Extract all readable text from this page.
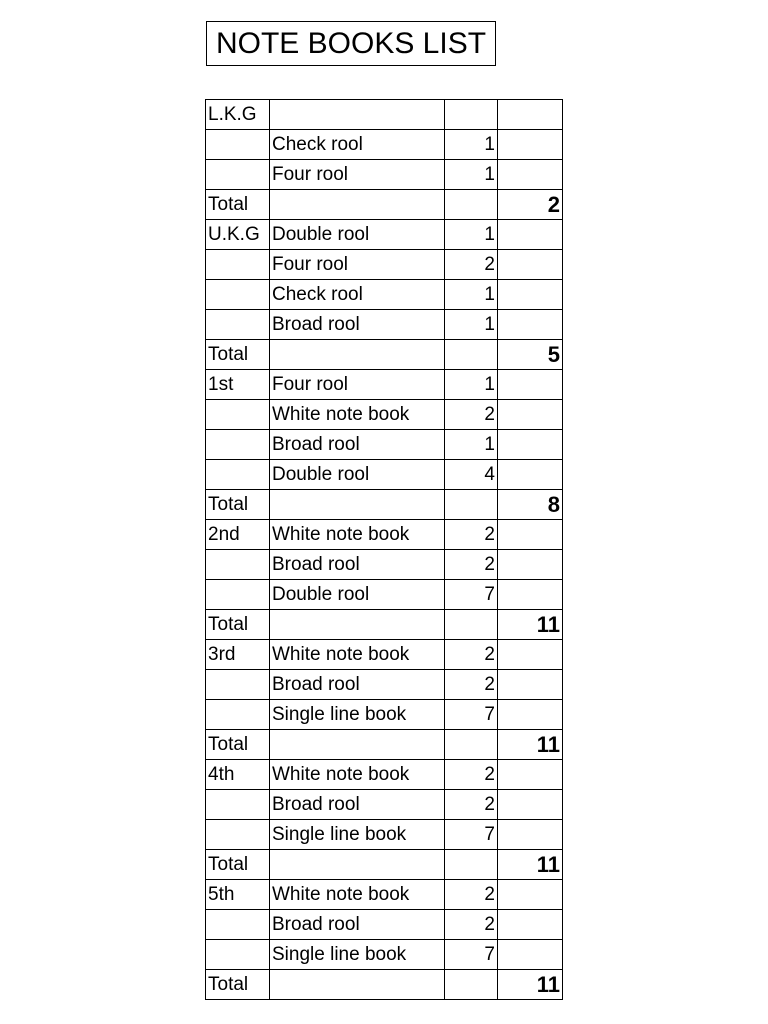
NOTE BOOKS LIST
L.K.G			
	Check rool	1	
	Four rool	1	
Total			2
U.K.G	Double rool	1	
	Four rool	2	
	Check rool	1	
	Broad rool	1	
Total			5
1st	Four rool	1	
	White note book	2	
	Broad rool	1	
	Double rool	4	
Total			8
2nd	White note book	2	
	Broad rool	2	
	Double rool	7	
Total			11
3rd	White note book	2	
	Broad rool	2	
	Single line book	7	
Total			11
4th	White note book	2	
	Broad rool	2	
	Single line book	7	
Total			11
5th	White note book	2	
	Broad rool	2	
	Single line book	7	
Total			11
